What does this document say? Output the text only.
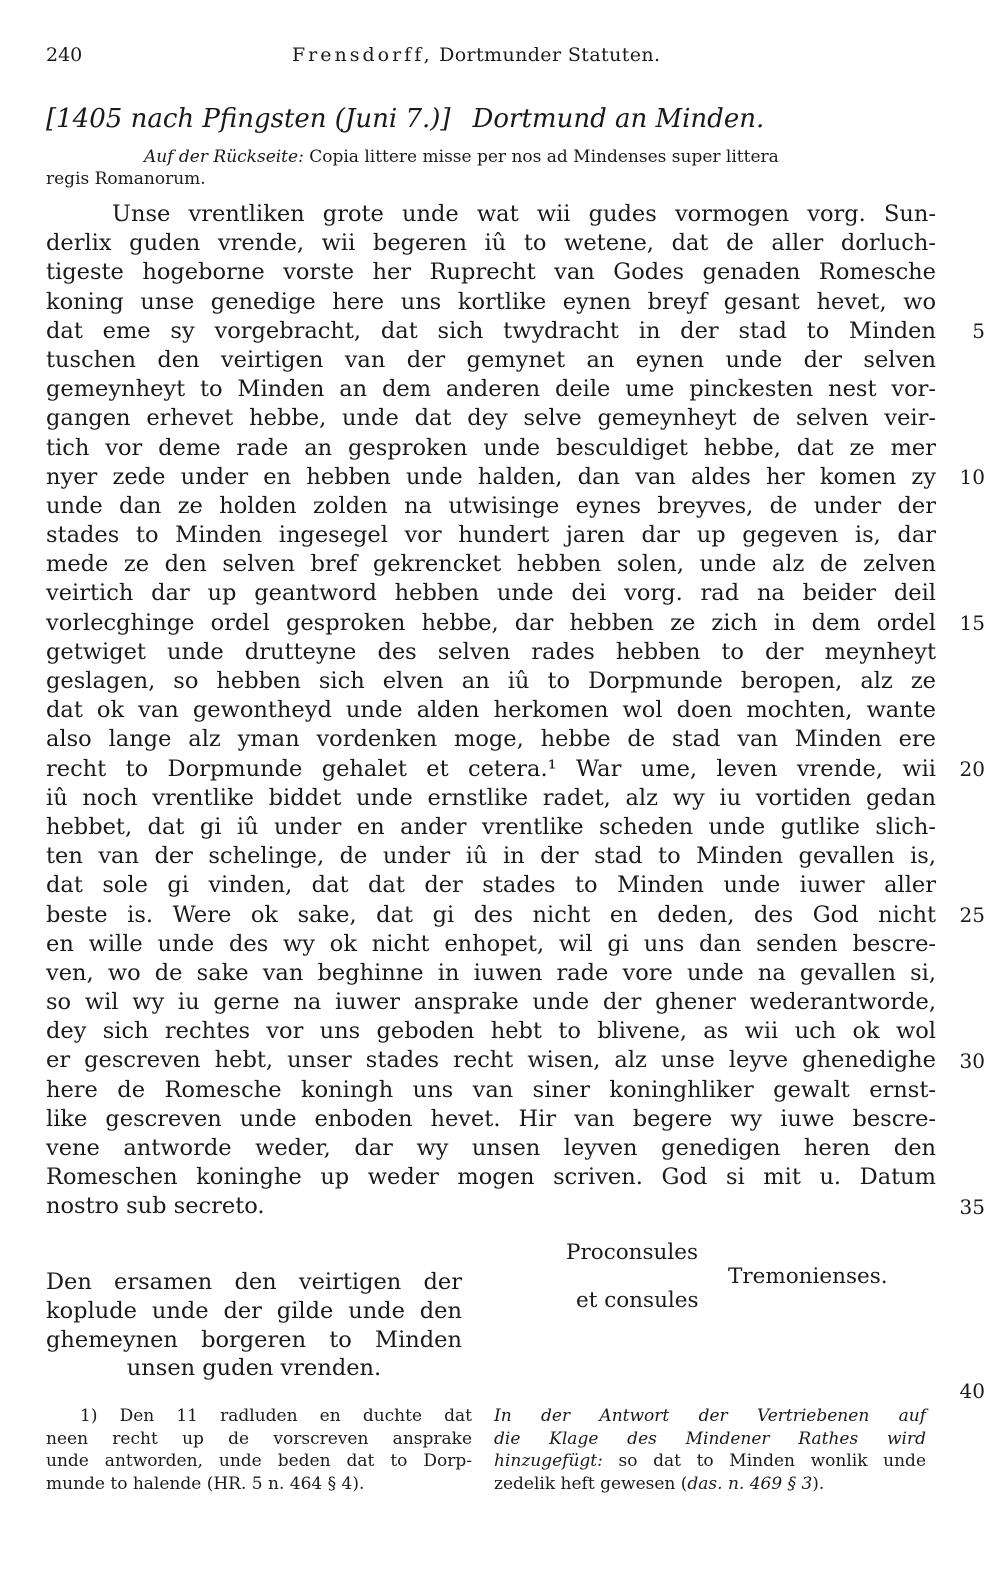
240	Frensdorff, Dortmunder Statuten.
[1405 nach Pfingsten (Juni 7.)] Dortmund an Minden.
Auf der Rückseite: Copia littere misse per nos ad Mindenses super littera
regis Romanorum.
Unse vrentliken grote unde wat wii gudes vormogen vorg. Sun-
derlix guden vrende, wii begeren iû to wetene, dat de aller dorluch-
tigeste hogeborne vorste her Ruprecht van Godes genaden Romesche
koning unse genedige here uns kortlike eynen breyf gesant hevet, wo
dat eme sy vorgebracht, dat sich twydracht in der stad to Minden
tuschen den veirtigen van der gemynet an eynen unde der selven
gemeynheyt to Minden an dem anderen deile ume pinckesten nest vor-
gangen erhevet hebbe, unde dat dey selve gemeynheyt de selven veir-
tich vor deme rade an gesproken unde besculdiget hebbe, dat ze mer
nyer zede under en hebben unde halden, dan van aldes her komen zy
unde dan ze holden zolden na utwisinge eynes breyves, de under der
stades to Minden ingesegel vor hundert jaren dar up gegeven is, dar
mede ze den selven bref gekrencket hebben solen, unde alz de zelven
veirtich dar up geantword hebben unde dei vorg. rad na beider deil
vorlecghinge ordel gesproken hebbe, dar hebben ze zich in dem ordel
getwiget unde drutteyne des selven rades hebben to der meynheyt
geslagen, so hebben sich elven an iû to Dorpmunde beropen, alz ze
dat ok van gewontheyd unde alden herkomen wol doen mochten, wante
also lange alz yman vordenken moge, hebbe de stad van Minden ere
recht to Dorpmunde gehalet et cetera.¹ War ume, leven vrende, wii
iû noch vrentlike biddet unde ernstlike radet, alz wy iu vortiden gedan
hebbet, dat gi iû under en ander vrentlike scheden unde gutlike slich-
ten van der schelinge, de under iû in der stad to Minden gevallen is,
dat sole gi vinden, dat dat der stades to Minden unde iuwer aller
beste is. Were ok sake, dat gi des nicht en deden, des God nicht
en wille unde des wy ok nicht enhopet, wil gi uns dan senden bescre-
ven, wo de sake van beghinne in iuwen rade vore unde na gevallen si,
so wil wy iu gerne na iuwer ansprake unde der ghener wederantworde,
dey sich rechtes vor uns geboden hebt to blivene, as wii uch ok wol
er gescreven hebt, unser stades recht wisen, alz unse leyve ghenedighe
here de Romesche koningh uns van siner koninghliker gewalt ernst-
like gescreven unde enboden hevet. Hir van begere wy iuwe bescre-
vene antworde weder, dar wy unsen leyven genedigen heren den
Romeschen koninghe up weder mogen scriven. God si mit u. Datum
nostro sub secreto.
5
10
15
20
25
30
35
40
Den ersamen den veirtigen der
koplude unde der gilde unde den
ghemeynen borgeren to Minden
unsen guden vrenden.
Proconsules
et consules
Tremonienses.
1) Den 11 radluden en duchte dat
neen recht up de vorscreven ansprake
unde antworden, unde beden dat to Dorp-
munde to halende (HR. 5 n. 464 § 4).
In der Antwort der Vertriebenen auf
die Klage des Mindener Rathes wird
hinzugefügt: so dat to Minden wonlik unde
zedelik heft gewesen (das. n. 469 § 3).
